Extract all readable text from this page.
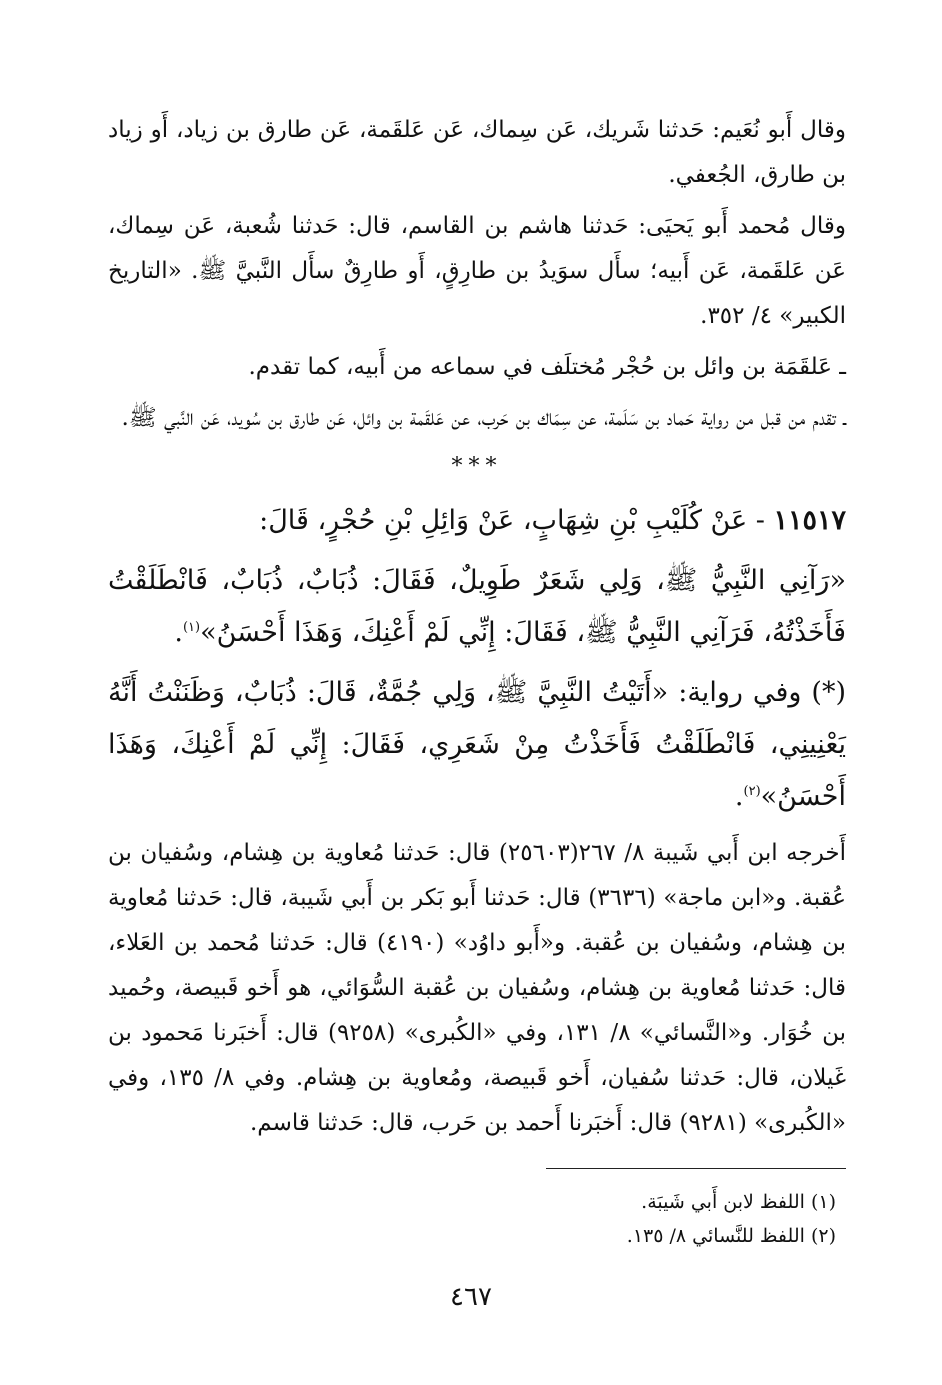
وقال أَبو نُعَيم: حَدثنا شَريك، عَن سِماك، عَن عَلقَمة، عَن طارق بن زياد، أَو زياد بن طارق، الجُعفي.

وقال مُحمد أَبو يَحيَى: حَدثنا هاشم بن القاسم، قال: حَدثنا شُعبة، عَن سِماك، عَن عَلقَمة، عَن أَبيه؛ سأَل سوَيدُ بن طارِقٍ، أَو طارِقٌ سأَل النَّبيَّ ﷺ. «التاريخ الكبير» ٤/ ٣٥٢.

ـ عَلقَمَة بن وائل بن حُجْر مُختلَف في سماعه من أَبيه، كما تقدم.

ـ تقدم من قبل من رواية حَماد بن سَلَمة، عن سِمَاك بن حَرب، عن عَلقَمة بن وائل، عَن طارق بن سُويد، عَن النَّبي ﷺ.

***

١١٥١٧ - عَنْ كُلَيْبِ بْنِ شِهَابٍ، عَنْ وَائِلِ بْنِ حُجْرٍ، قَالَ:

«رَآنِي النَّبِيُّ ﷺ، وَلِي شَعَرٌ طَوِيلٌ، فَقَالَ: ذُبَابٌ، ذُبَابٌ، فَانْطَلَقْتُ فَأَخَذْتُهُ، فَرَآنِي النَّبِيُّ ﷺ، فَقَالَ: إِنِّي لَمْ أَعْنِكَ، وَهَذَا أَحْسَنُ»$^{(١)}$.

(*) وفي رواية: «أَتَيْتُ النَّبِيَّ ﷺ، وَلِي جُمَّةٌ، قَالَ: ذُبَابٌ، وَظَنَنْتُ أَنَّهُ يَعْنِينِي، فَانْطَلَقْتُ فَأَخَذْتُ مِنْ شَعَرِي، فَقَالَ: إِنِّي لَمْ أَعْنِكَ، وَهَذَا أَحْسَنُ»$^{(٢)}$.

أَخرجه ابن أَبي شَيبة ٨/ ٢٦٧(٢٥٦٠٣) قال: حَدثنا مُعاوية بن هِشام، وسُفيان بن عُقبة. و«ابن ماجة» (٣٦٣٦) قال: حَدثنا أَبو بَكر بن أَبي شَيبة، قال: حَدثنا مُعاوية بن هِشام، وسُفيان بن عُقبة. و«أَبو داوُد» (٤١٩٠) قال: حَدثنا مُحمد بن العَلاء، قال: حَدثنا مُعاوية بن هِشام، وسُفيان بن عُقبة السُّوَائي، هو أَخو قَبيصة، وحُميد بن خُوَار. و«النَّسائي» ٨/ ١٣١، وفي «الكُبرى» (٩٢٥٨) قال: أَخبَرنا مَحمود بن غَيلان، قال: حَدثنا سُفيان، أَخو قَبيصة، ومُعاوية بن هِشام. وفي ٨/ ١٣٥، وفي «الكُبرى» (٩٢٨١) قال: أَخبَرنا أَحمد بن حَرب، قال: حَدثنا قاسم.

(١) اللفظ لابن أَبي شَيبَة.

(٢) اللفظ للنَّسائي ٨/ ١٣٥.

٤٦٧
